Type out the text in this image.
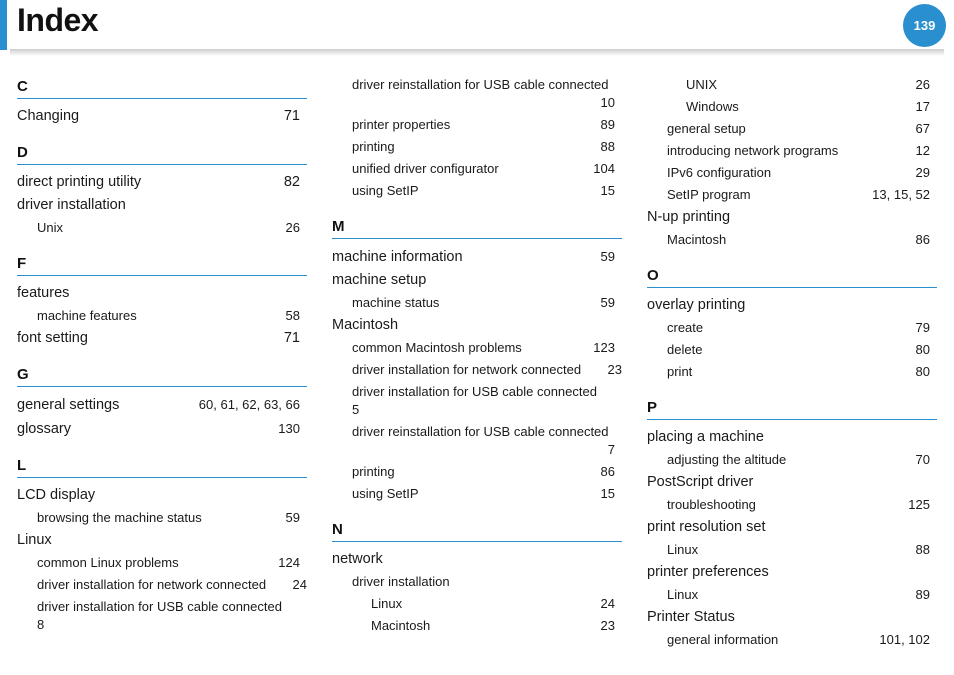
Index	139
C
Changing	71
D
direct printing utility	82
driver installation
Unix	26
F
features
machine features	58
font setting	71
G
general settings	60, 61, 62, 63, 66
glossary	130
L
LCD display
browsing the machine status	59
Linux
common Linux problems	124
driver installation for network connected 24
driver installation for USB cable connected
8
driver reinstallation for USB cable connected
10
printer properties	89
printing	88
unified driver configurator	104
using SetIP	15
M
machine information	59
machine setup
machine status	59
Macintosh
common Macintosh problems	123
driver installation for network connected 23
driver installation for USB cable connected
5
driver reinstallation for USB cable connected
7
printing	86
using SetIP	15
N
network
driver installation
Linux	24
Macintosh	23
UNIX	26
Windows	17
general setup	67
introducing network programs	12
IPv6 configuration	29
SetIP program	13, 15, 52
N-up printing
Macintosh	86
O
overlay printing
create	79
delete	80
print	80
P
placing a machine
adjusting the altitude	70
PostScript driver
troubleshooting	125
print resolution set
Linux	88
printer preferences
Linux	89
Printer Status
general information	101, 102
